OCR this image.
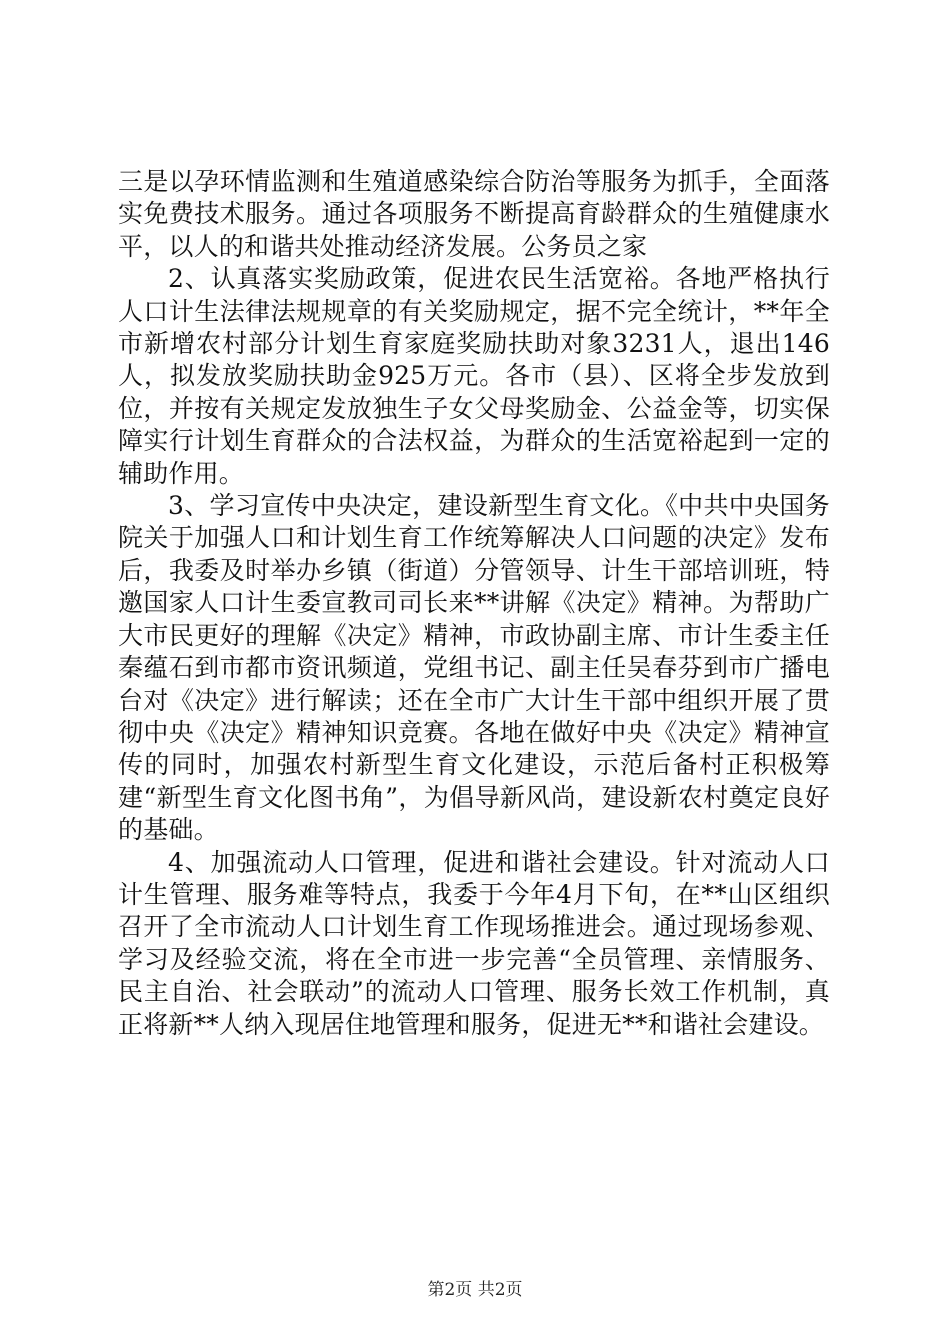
三是以孕环情监测和生殖道感染综合防治等服务为抓手，全面落实免费技术服务。通过各项服务不断提高育龄群众的生殖健康水平，以人的和谐共处推动经济发展。公务员之家

2、认真落实奖励政策，促进农民生活宽裕。各地严格执行人口计生法律法规规章的有关奖励规定，据不完全统计，**年全市新增农村部分计划生育家庭奖励扶助对象3231人，退出146人，拟发放奖励扶助金925万元。各市（县）、区将全步发放到位，并按有关规定发放独生子女父母奖励金、公益金等，切实保障实行计划生育群众的合法权益，为群众的生活宽裕起到一定的辅助作用。

3、学习宣传中央决定，建设新型生育文化。《中共中央国务院关于加强人口和计划生育工作统筹解决人口问题的决定》发布后，我委及时举办乡镇（街道）分管领导、计生干部培训班，特邀国家人口计生委宣教司司长来**讲解《决定》精神。为帮助广大市民更好的理解《决定》精神，市政协副主席、市计生委主任秦蕴石到市都市资讯频道，党组书记、副主任吴春芬到市广播电台对《决定》进行解读；还在全市广大计生干部中组织开展了贯彻中央《决定》精神知识竞赛。各地在做好中央《决定》精神宣传的同时，加强农村新型生育文化建设，示范后备村正积极筹建“新型生育文化图书角”，为倡导新风尚，建设新农村奠定良好的基础。

4、加强流动人口管理，促进和谐社会建设。针对流动人口计生管理、服务难等特点，我委于今年4月下旬，在**山区组织召开了全市流动人口计划生育工作现场推进会。通过现场参观、学习及经验交流，将在全市进一步完善“全员管理、亲情服务、民主自治、社会联动”的流动人口管理、服务长效工作机制，真正将新**人纳入现居住地管理和服务，促进无**和谐社会建设。

第2页 共2页
